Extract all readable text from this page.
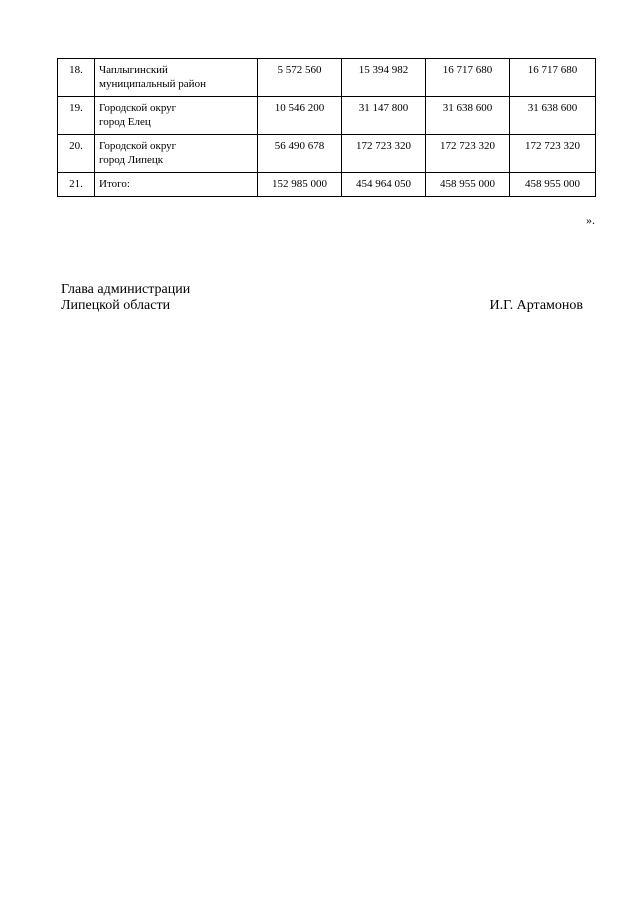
18.	Чаплыгинский
муниципальный район	5 572 560	15 394 982	16 717 680	16 717 680
19.	Городской округ
город Елец	10 546 200	31 147 800	31 638 600	31 638 600
20.	Городской округ
город Липецк	56 490 678	172 723 320	172 723 320	172 723 320
21.	Итого:	152 985 000	454 964 050	458 955 000	458 955 000
».
Глава администрации
Липецкой области	И.Г. Артамонов
